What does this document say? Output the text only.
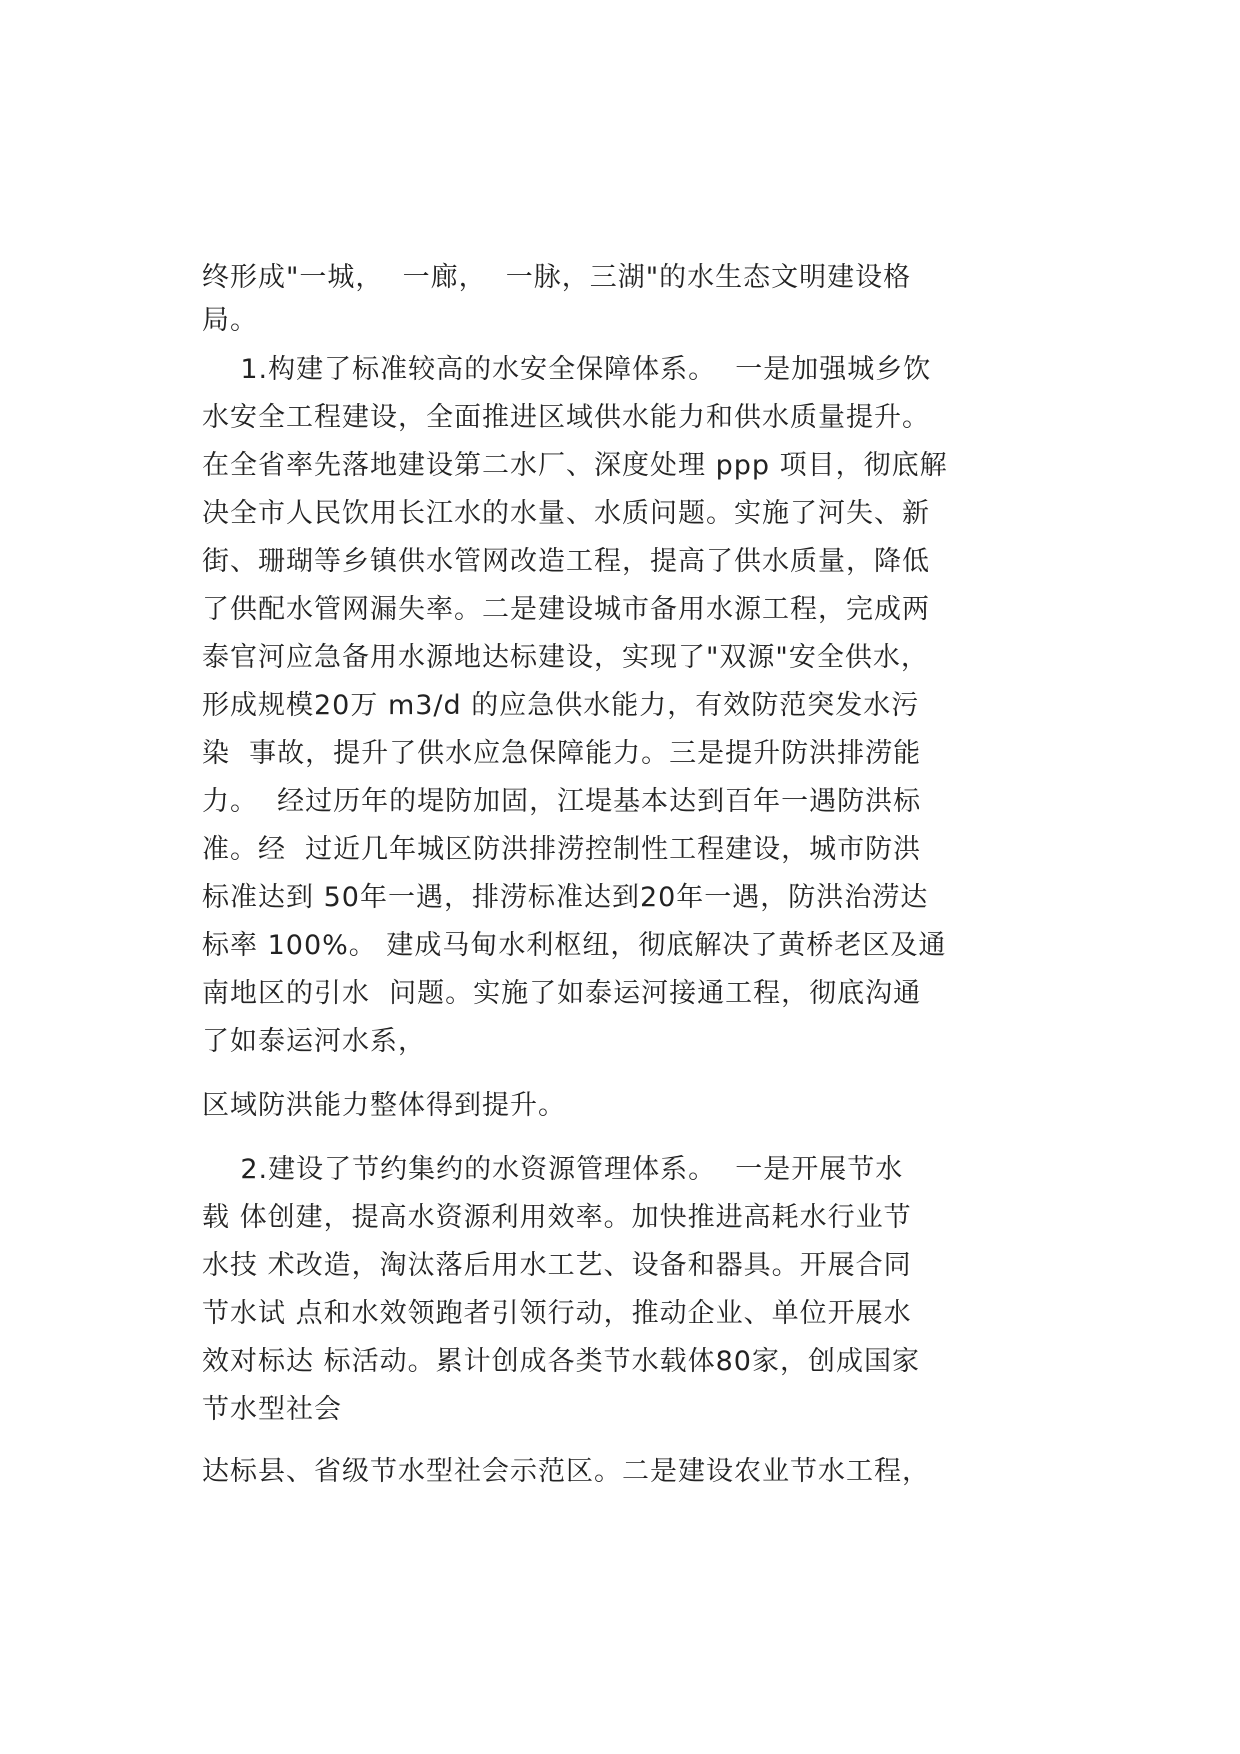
终形成"一城，  一廊，  一脉，三湖"的水生态文明建设格
局。
1.构建了标准较高的水安全保障体系。  一是加强城乡饮
水安全工程建设，全面推进区域供水能力和供水质量提升。
在全省率先落地建设第二水厂、深度处理 ppp 项目，彻底解
决全市人民饮用长江水的水量、水质问题。实施了河失、新
街、珊瑚等乡镇供水管网改造工程，提高了供水质量，降低
了供配水管网漏失率。二是建设城市备用水源工程，完成两
泰官河应急备用水源地达标建设，实现了"双源"安全供水，
形成规模20万 m3/d 的应急供水能力，有效防范突发水污
染  事故，提升了供水应急保障能力。三是提升防洪排涝能
力。  经过历年的堤防加固，江堤基本达到百年一遇防洪标
准。经  过近几年城区防洪排涝控制性工程建设，城市防洪
标准达到 50年一遇，排涝标准达到20年一遇，防洪治涝达
标率 100%。 建成马甸水利枢纽，彻底解决了黄桥老区及通
南地区的引水  问题。实施了如泰运河接通工程，彻底沟通
了如泰运河水系，
区域防洪能力整体得到提升。
2.建设了节约集约的水资源管理体系。  一是开展节水
载 体创建，提高水资源利用效率。加快推进高耗水行业节
水技 术改造，淘汰落后用水工艺、设备和器具。开展合同
节水试 点和水效领跑者引领行动，推动企业、单位开展水
效对标达 标活动。累计创成各类节水载体80家，创成国家
节水型社会
达标县、省级节水型社会示范区。二是建设农业节水工程，
